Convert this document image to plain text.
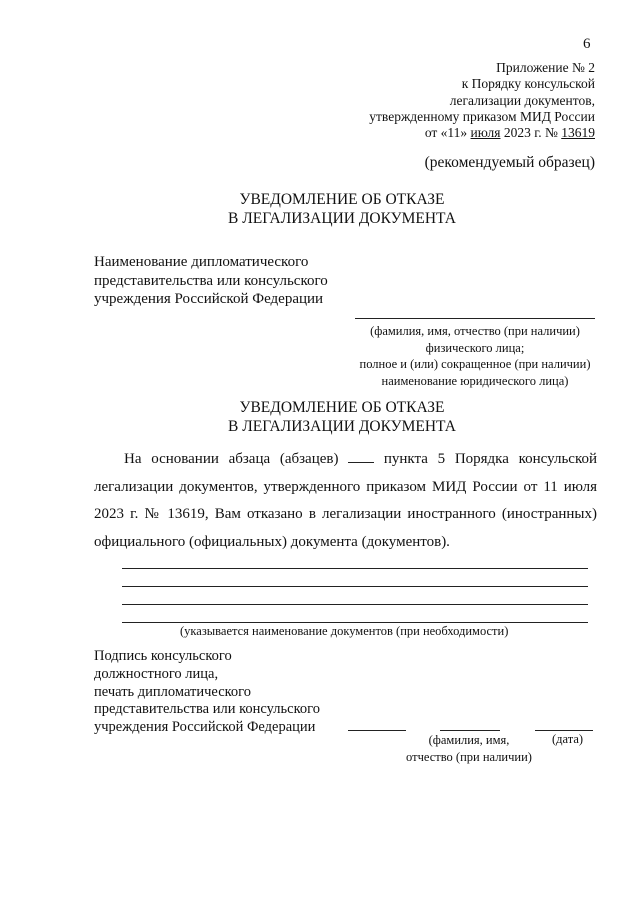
6
Приложение № 2
к Порядку консульской
легализации документов,
утвержденному приказом МИД России
от «11» июля 2023 г. № 13619
(рекомендуемый образец)
УВЕДОМЛЕНИЕ ОБ ОТКАЗЕ
В ЛЕГАЛИЗАЦИИ ДОКУМЕНТА
Наименование дипломатического
представительства или консульского
учреждения Российской Федерации
(фамилия, имя, отчество (при наличии)
физического лица;
полное и (или) сокращенное (при наличии)
наименование юридического лица)
УВЕДОМЛЕНИЕ ОБ ОТКАЗЕ
В ЛЕГАЛИЗАЦИИ ДОКУМЕНТА
На основании абзаца (абзацев)	пункта 5 Порядка консульской легализации документов, утвержденного приказом МИД России от 11 июля 2023 г. № 13619, Вам отказано в легализации иностранного (иностранных) официального (официальных) документа (документов).
(указывается наименование документов (при необходимости)
Подпись консульского
должностного лица,
печать дипломатического
представительства или консульского
учреждения Российской Федерации
(фамилия, имя,
отчество (при наличии)
(дата)
